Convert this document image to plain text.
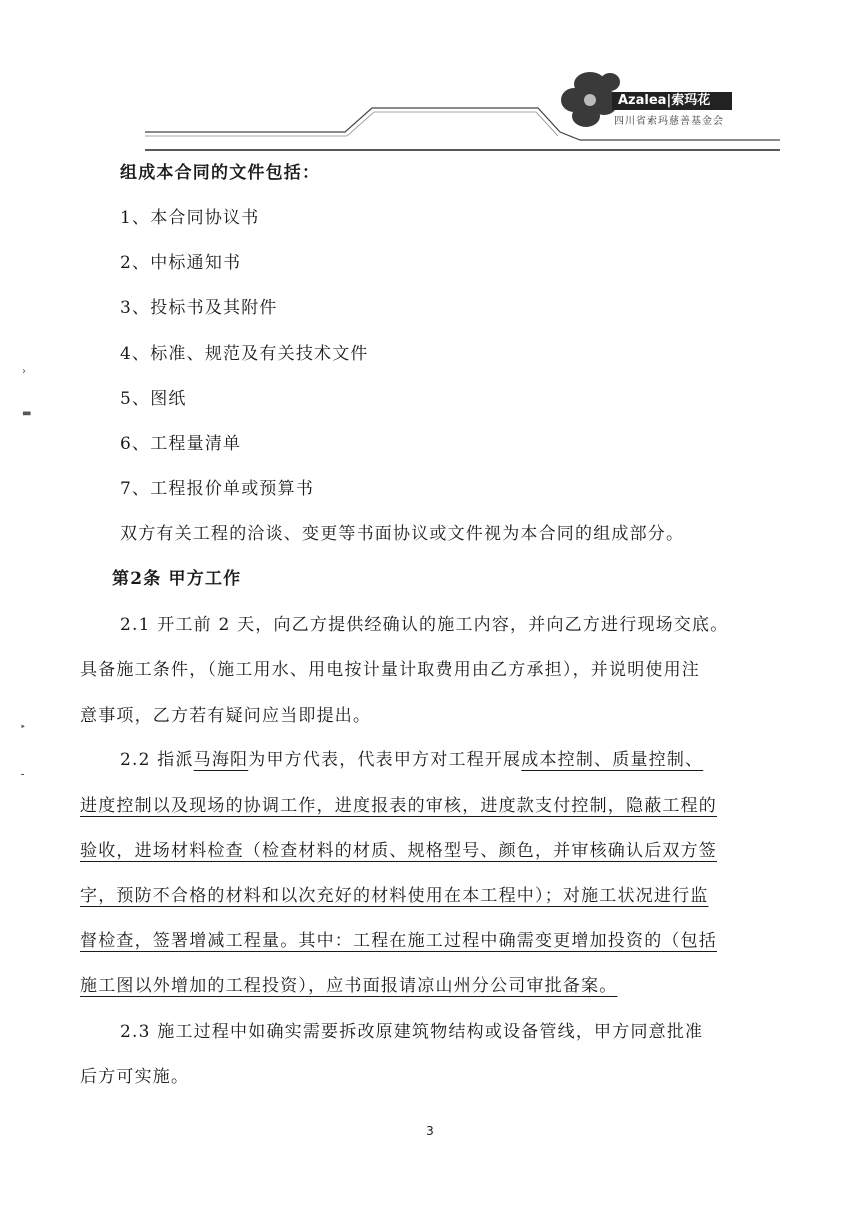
Azalea|索玛花
四川省索玛慈善基金会
›
▬
‣
⁃
组成本合同的文件包括：
1、本合同协议书
2、中标通知书
3、投标书及其附件
4、标准、规范及有关技术文件
5、图纸
6、工程量清单
7、工程报价单或预算书
双方有关工程的洽谈、变更等书面协议或文件视为本合同的组成部分。
第2条 甲方工作
2.1 开工前 2 天，向乙方提供经确认的施工内容，并向乙方进行现场交底。
具备施工条件，（施工用水、用电按计量计取费用由乙方承担），并说明使用注
意事项，乙方若有疑问应当即提出。
2.2 指派马海阳为甲方代表，代表甲方对工程开展成本控制、质量控制、
进度控制以及现场的协调工作，进度报表的审核，进度款支付控制，隐蔽工程的
验收，进场材料检查（检查材料的材质、规格型号、颜色，并审核确认后双方签
字，预防不合格的材料和以次充好的材料使用在本工程中）；对施工状况进行监
督检查，签署增减工程量。其中：工程在施工过程中确需变更增加投资的（包括
施工图以外增加的工程投资），应书面报请凉山州分公司审批备案。
2.3 施工过程中如确实需要拆改原建筑物结构或设备管线，甲方同意批准
后方可实施。
3
